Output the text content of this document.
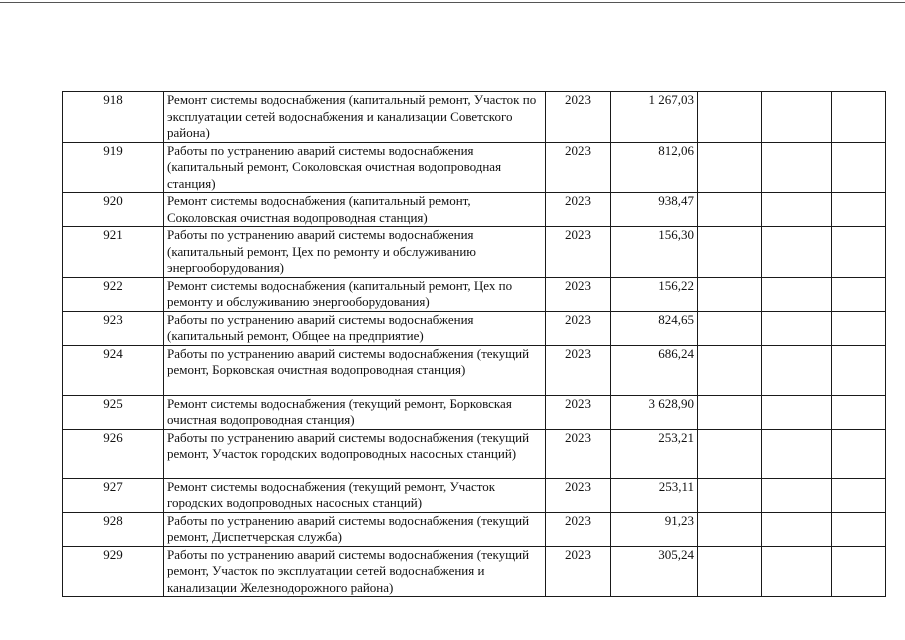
918	Ремонт системы водоснабжения (капитальный ремонт, Участок по эксплуатации сетей водоснабжения и канализации Советского района)	2023	1 267,03			
919	Работы по устранению аварий системы водоснабжения (капитальный ремонт, Соколовская очистная водопроводная станция)	2023	812,06			
920	Ремонт системы водоснабжения (капитальный ремонт, Соколовская очистная водопроводная станция)	2023	938,47			
921	Работы по устранению аварий системы водоснабжения (капитальный ремонт, Цех по ремонту и обслуживанию энергооборудования)	2023	156,30			
922	Ремонт системы водоснабжения (капитальный ремонт, Цех по ремонту и обслуживанию энергооборудования)	2023	156,22			
923	Работы по устранению аварий системы водоснабжения (капитальный ремонт, Общее на предприятие)	2023	824,65			
924	Работы по устранению аварий системы водоснабжения (текущий ремонт, Борковская очистная водопроводная станция)	2023	686,24			
925	Ремонт системы водоснабжения (текущий ремонт, Борковская очистная водопроводная станция)	2023	3 628,90			
926	Работы по устранению аварий системы водоснабжения (текущий ремонт, Участок городских водопроводных насосных станций)	2023	253,21			
927	Ремонт системы водоснабжения (текущий ремонт, Участок городских водопроводных насосных станций)	2023	253,11			
928	Работы по устранению аварий системы водоснабжения (текущий ремонт, Диспетчерская служба)	2023	91,23			
929	Работы по устранению аварий системы водоснабжения (текущий ремонт, Участок по эксплуатации сетей водоснабжения и канализации Железнодорожного района)	2023	305,24			
